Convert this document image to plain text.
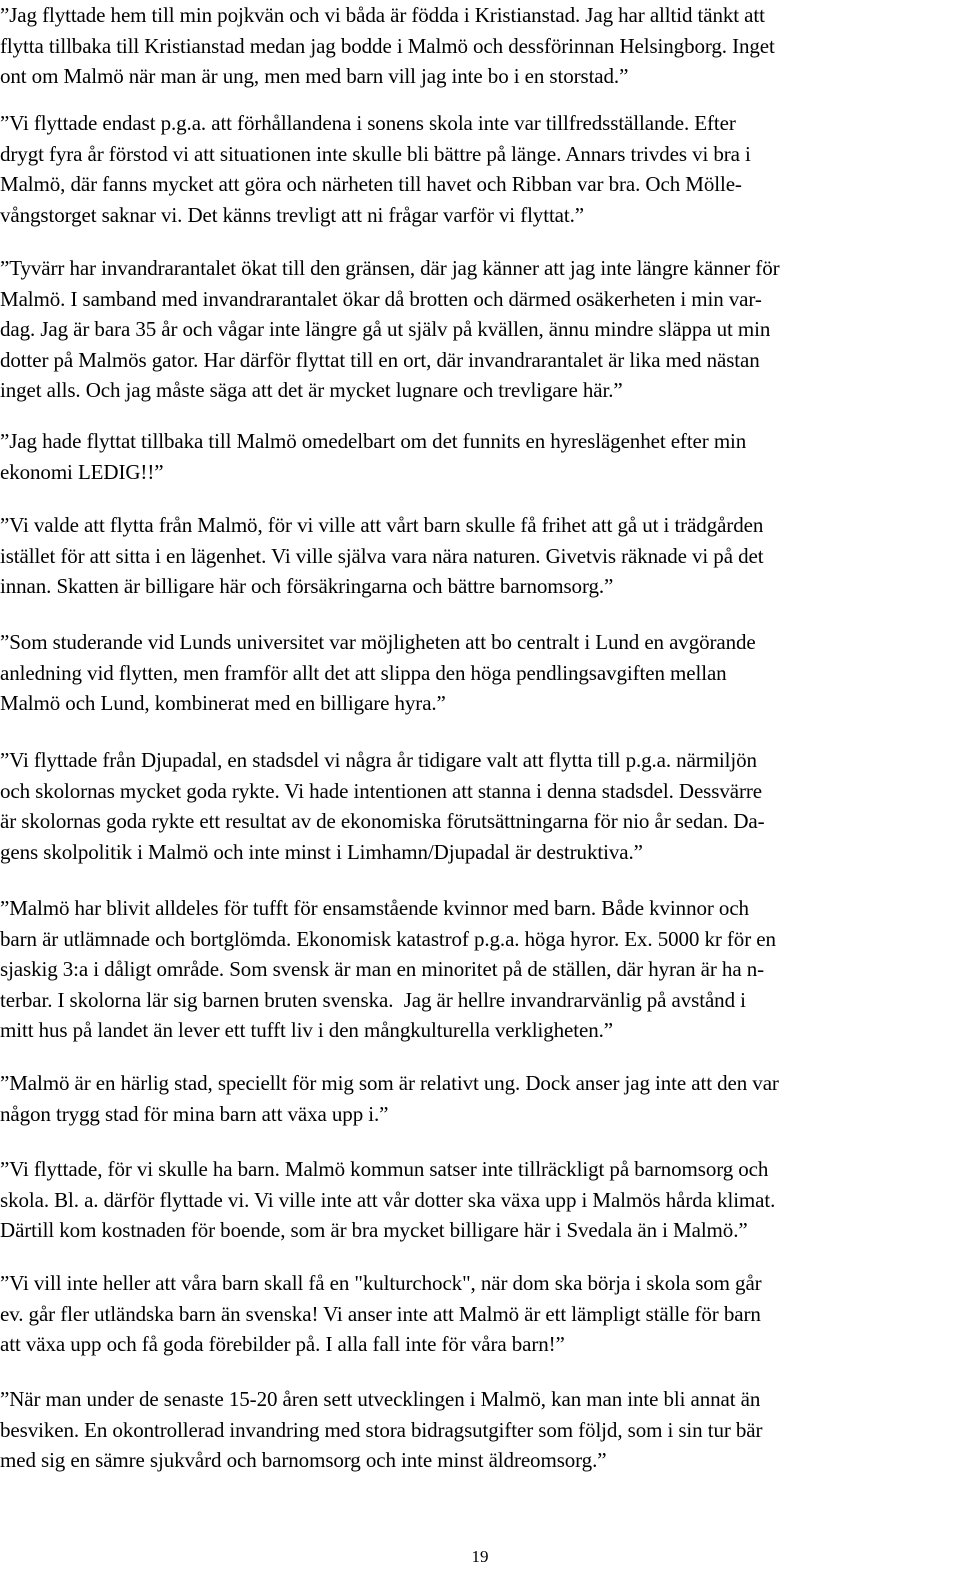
”Jag flyttade hem till min pojkvän och vi båda är födda i Kristianstad. Jag har alltid tänkt att
flytta tillbaka till Kristianstad medan jag bodde i Malmö och dessförinnan Helsingborg. Inget
ont om Malmö när man är ung, men med barn vill jag inte bo i en storstad.”
”Vi flyttade endast p.g.a. att förhållandena i sonens skola inte var tillfredsställande. Efter
drygt fyra år förstod vi att situationen inte skulle bli bättre på länge. Annars trivdes vi bra i
Malmö, där fanns mycket att göra och närheten till havet och Ribban var bra. Och Mölle-
vångstorget saknar vi. Det känns trevligt att ni frågar varför vi flyttat.”
”Tyvärr har invandrarantalet ökat till den gränsen, där jag känner att jag inte längre känner för
Malmö. I samband med invandrarantalet ökar då brotten och därmed osäkerheten i min var-
dag. Jag är bara 35 år och vågar inte längre gå ut själv på kvällen, ännu mindre släppa ut min
dotter på Malmös gator. Har därför flyttat till en ort, där invandrarantalet är lika med nästan
inget alls. Och jag måste säga att det är mycket lugnare och trevligare här.”
”Jag hade flyttat tillbaka till Malmö omedelbart om det funnits en hyreslägenhet efter min
ekonomi LEDIG!!”
”Vi valde att flytta från Malmö, för vi ville att vårt barn skulle få frihet att gå ut i trädgården
istället för att sitta i en lägenhet. Vi ville själva vara nära naturen. Givetvis räknade vi på det
innan. Skatten är billigare här och försäkringarna och bättre barnomsorg.”
”Som studerande vid Lunds universitet var möjligheten att bo centralt i Lund en avgörande
anledning vid flytten, men framför allt det att slippa den höga pendlingsavgiften mellan
Malmö och Lund, kombinerat med en billigare hyra.”
”Vi flyttade från Djupadal, en stadsdel vi några år tidigare valt att flytta till p.g.a. närmiljön
och skolornas mycket goda rykte. Vi hade intentionen att stanna i denna stadsdel. Dessvärre
är skolornas goda rykte ett resultat av de ekonomiska förutsättningarna för nio år sedan. Da-
gens skolpolitik i Malmö och inte minst i Limhamn/Djupadal är destruktiva.”
”Malmö har blivit alldeles för tufft för ensamstående kvinnor med barn. Både kvinnor och
barn är utlämnade och bortglömda. Ekonomisk katastrof p.g.a. höga hyror. Ex. 5000 kr för en
sjaskig 3:a i dåligt område. Som svensk är man en minoritet på de ställen, där hyran är ha n-
terbar. I skolorna lär sig barnen bruten svenska.  Jag är hellre invandrarvänlig på avstånd i
mitt hus på landet än lever ett tufft liv i den mångkulturella verkligheten.”
”Malmö är en härlig stad, speciellt för mig som är relativt ung. Dock anser jag inte att den var
någon trygg stad för mina barn att växa upp i.”
”Vi flyttade, för vi skulle ha barn. Malmö kommun satser inte tillräckligt på barnomsorg och
skola. Bl. a. därför flyttade vi. Vi ville inte att vår dotter ska växa upp i Malmös hårda klimat.
Därtill kom kostnaden för boende, som är bra mycket billigare här i Svedala än i Malmö.”
”Vi vill inte heller att våra barn skall få en "kulturchock", när dom ska börja i skola som går
ev. går fler utländska barn än svenska! Vi anser inte att Malmö är ett lämpligt ställe för barn
att växa upp och få goda förebilder på. I alla fall inte för våra barn!”
”När man under de senaste 15-20 åren sett utvecklingen i Malmö, kan man inte bli annat än
besviken. En okontrollerad invandring med stora bidragsutgifter som följd, som i sin tur bär
med sig en sämre sjukvård och barnomsorg och inte minst äldreomsorg.”
19
